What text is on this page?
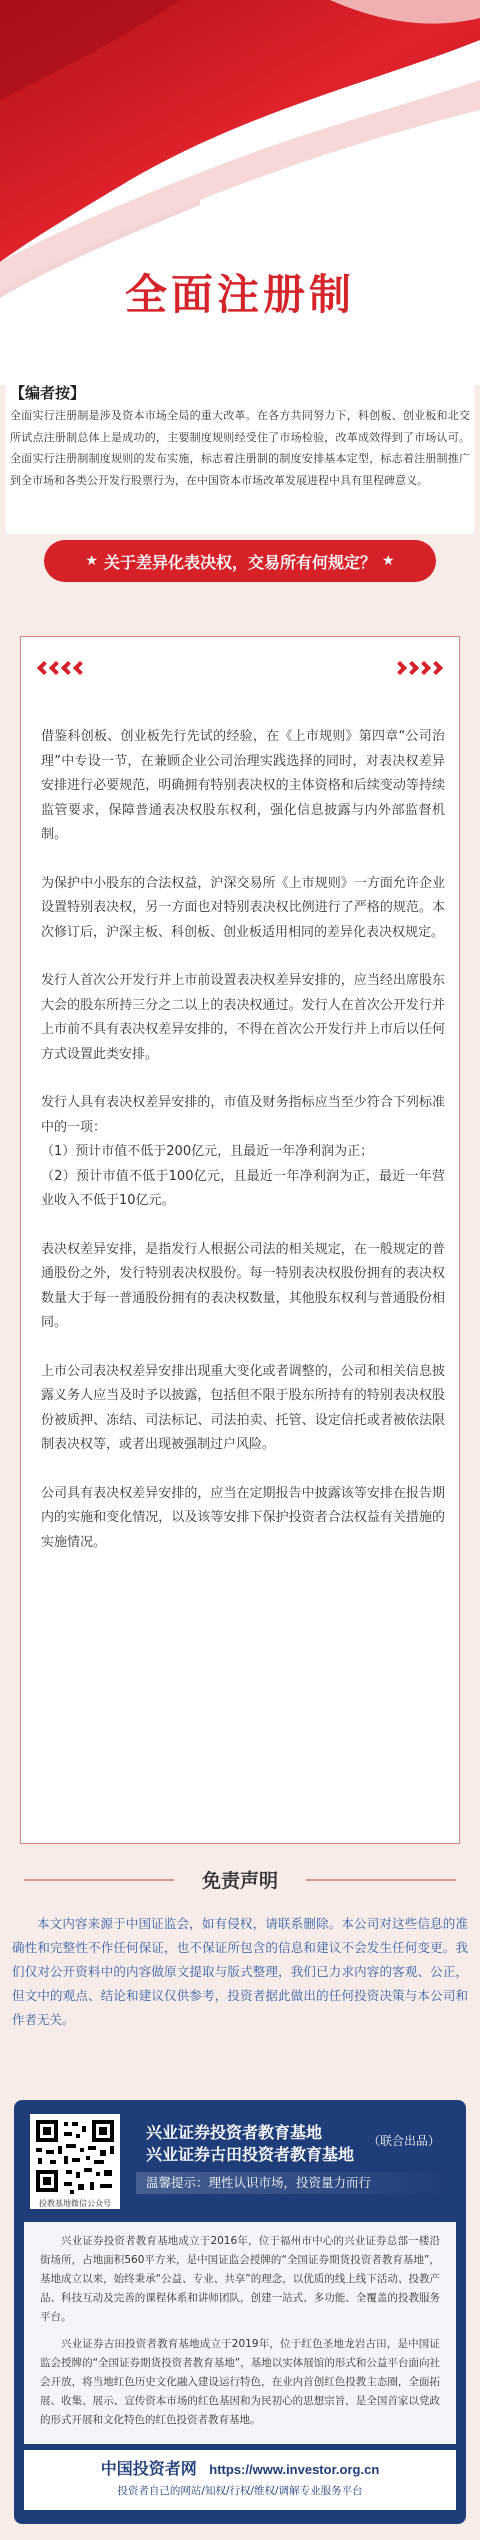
全面注册制
【编者按】
全面实行注册制是涉及资本市场全局的重大改革。在各方共同努力下，科创板、创业板和北交所试点注册制总体上是成功的，主要制度规则经受住了市场检验，改革成效得到了市场认可。全面实行注册制制度规则的发布实施，标志着注册制的制度安排基本定型，标志着注册制推广到全市场和各类公开发行股票行为，在中国资本市场改革发展进程中具有里程碑意义。
★ 关于差异化表决权，交易所有何规定？ ★

借鉴科创板、创业板先行先试的经验，在《上市规则》第四章“公司治理”中专设一节，在兼顾企业公司治理实践选择的同时，对表决权差异安排进行必要规范，明确拥有特别表决权的主体资格和后续变动等持续监管要求，保障普通表决权股东权利，强化信息披露与内外部监督机制。

为保护中小股东的合法权益，沪深交易所《上市规则》一方面允许企业设置特别表决权，另一方面也对特别表决权比例进行了严格的规范。本次修订后，沪深主板、科创板、创业板适用相同的差异化表决权规定。

发行人首次公开发行并上市前设置表决权差异安排的，应当经出席股东大会的股东所持三分之二以上的表决权通过。发行人在首次公开发行并上市前不具有表决权差异安排的，不得在首次公开发行并上市后以任何方式设置此类安排。

发行人具有表决权差异安排的，市值及财务指标应当至少符合下列标准中的一项：
（1）预计市值不低于200亿元，且最近一年净利润为正；
（2）预计市值不低于100亿元，且最近一年净利润为正，最近一年营业收入不低于10亿元。

表决权差异安排，是指发行人根据公司法的相关规定，在一般规定的普通股份之外，发行特别表决权股份。每一特别表决权股份拥有的表决权数量大于每一普通股份拥有的表决权数量，其他股东权利与普通股份相同。

上市公司表决权差异安排出现重大变化或者调整的，公司和相关信息披露义务人应当及时予以披露，包括但不限于股东所持有的特别表决权股份被质押、冻结、司法标记、司法拍卖、托管、设定信托或者被依法限制表决权等，或者出现被强制过户风险。

公司具有表决权差异安排的，应当在定期报告中披露该等安排在报告期内的实施和变化情况，以及该等安排下保护投资者合法权益有关措施的实施情况。

免责声明
本文内容来源于中国证监会，如有侵权，请联系删除。本公司对这些信息的准确性和完整性不作任何保证，也不保证所包含的信息和建议不会发生任何变更。我们仅对公开资料中的内容做原文提取与版式整理，我们已力求内容的客观、公正，但文中的观点、结论和建议仅供参考，投资者据此做出的任何投资决策与本公司和作者无关。
投教基地微信公众号
兴业证券投资者教育基地
兴业证券古田投资者教育基地
（联合出品）
温馨提示：理性认识市场，投资量力而行

兴业证券投资者教育基地成立于2016年，位于福州市中心的兴业证券总部一楼沿街场所，占地面积560平方米，是中国证监会授牌的“全国证券期货投资者教育基地”，基地成立以来，始终秉承“公益、专业、共享”的理念，以优质的线上线下活动、投教产品、科技互动及完善的课程体系和讲师团队，创建一站式、多功能、全覆盖的投教服务平台。

兴业证券古田投资者教育基地成立于2019年，位于红色圣地龙岩古田，是中国证监会授牌的“全国证券期货投资者教育基地”，基地以实体展馆的形式和公益平台面向社会开放，将当地红色历史文化融入建设运行特色，在业内首创红色投教主态圈，全面拓展、收集、展示、宣传资本市场的红色基因和为民初心的思想宗旨，是全国首家以党政的形式开展和文化特色的红色投资者教育基地。

中国投资者网 https://www.investor.org.cn
投资者自己的网站/知权/行权/维权/调解专业服务平台
